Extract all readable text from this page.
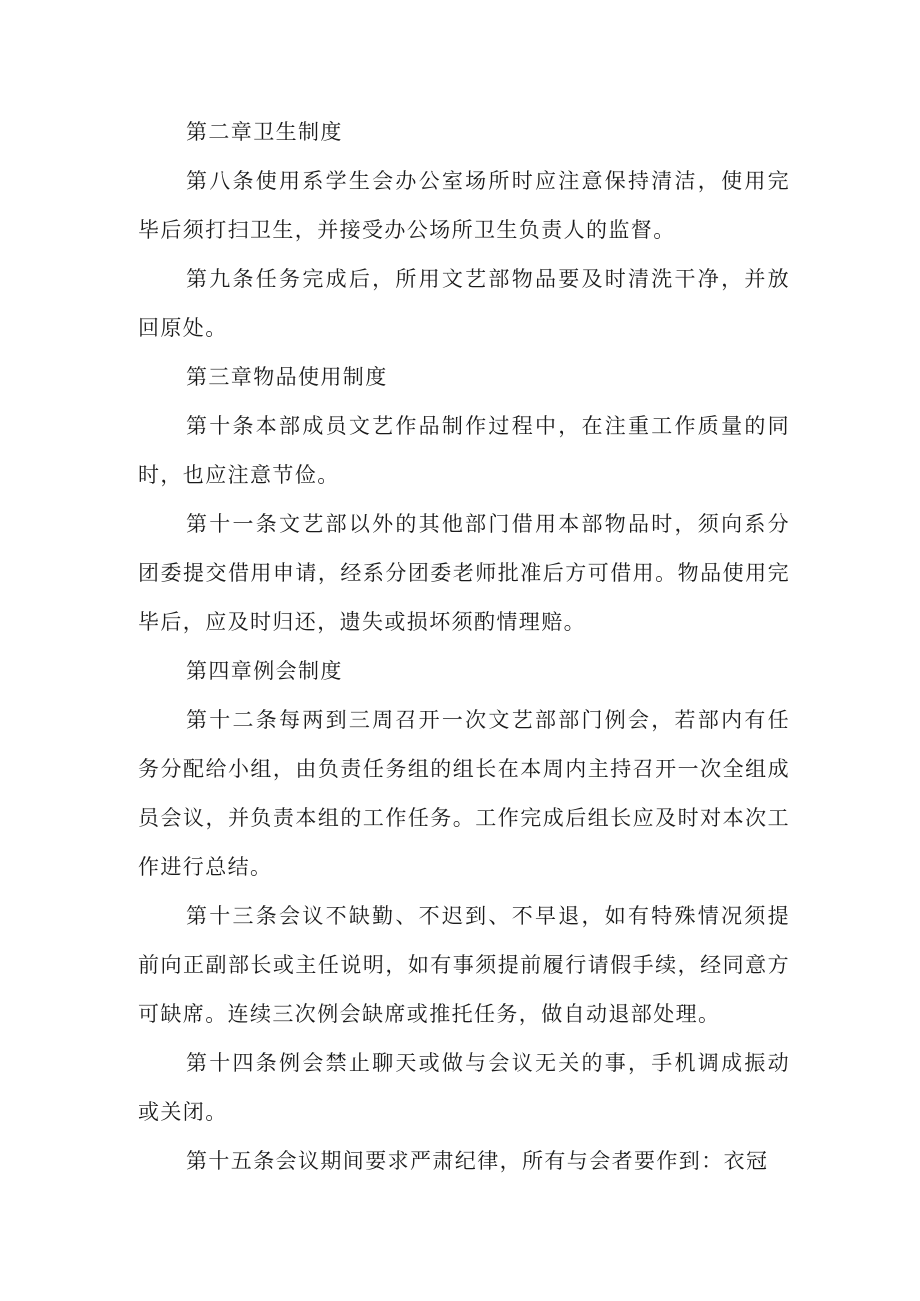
第二章卫生制度

第八条使用系学生会办公室场所时应注意保持清洁，使用完毕后须打扫卫生，并接受办公场所卫生负责人的监督。

第九条任务完成后，所用文艺部物品要及时清洗干净，并放回原处。

第三章物品使用制度

第十条本部成员文艺作品制作过程中，在注重工作质量的同时，也应注意节俭。

第十一条文艺部以外的其他部门借用本部物品时，须向系分团委提交借用申请，经系分团委老师批准后方可借用。物品使用完毕后，应及时归还，遗失或损坏须酌情理赔。

第四章例会制度

第十二条每两到三周召开一次文艺部部门例会，若部内有任务分配给小组，由负责任务组的组长在本周内主持召开一次全组成员会议，并负责本组的工作任务。工作完成后组长应及时对本次工作进行总结。

第十三条会议不缺勤、不迟到、不早退，如有特殊情况须提前向正副部长或主任说明，如有事须提前履行请假手续，经同意方可缺席。连续三次例会缺席或推托任务，做自动退部处理。

第十四条例会禁止聊天或做与会议无关的事，手机调成振动或关闭。

第十五条会议期间要求严肃纪律，所有与会者要作到：衣冠
